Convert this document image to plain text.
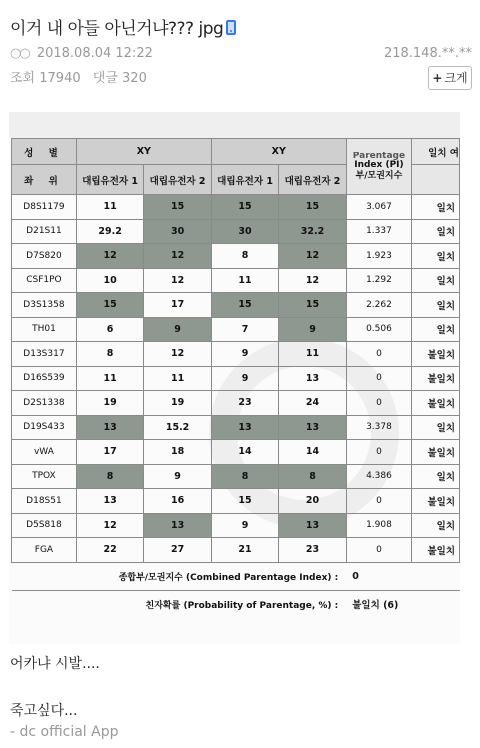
이거 내 아들 아닌거냐??? jpg
○○ 2018.08.04 12:22	218.148.**.**
조회 17940 댓글 320	+ 크게
성 별	XY		XY		Parentage
Index (PI)
부/모권지수	일치 여
좌 위	대립유전자 1	대립유전자 2	대립유전자 1	대립유전자 2		
D8S1179	11	15	15	15	3.067	일치
D21S11	29.2	30	30	32.2	1.337	일치
D7S820	12	12	8	12	1.923	일치
CSF1PO	10	12	11	12	1.292	일치
D3S1358	15	17	15	15	2.262	일치
TH01	6	9	7	9	0.506	일치
D13S317	8	12	9	11	0	불일치
D16S539	11	11	9	13	0	불일치
D2S1338	19	19	23	24	0	불일치
D19S433	13	15.2	13	13	3.378	일치
vWA	17	18	14	14	0	불일치
TPOX	8	9	8	8	4.386	일치
D18S51	13	16	15	20	0	불일치
D5S818	12	13	9	13	1.908	일치
FGA	22	27	21	23	0	불일치
종합부/모권지수 (Combined Parentage Index) :					0	
친자확률 (Probability of Parentage, %) :					불일치 (6)	
어카냐 시발....
죽고싶다...
- dc official App
